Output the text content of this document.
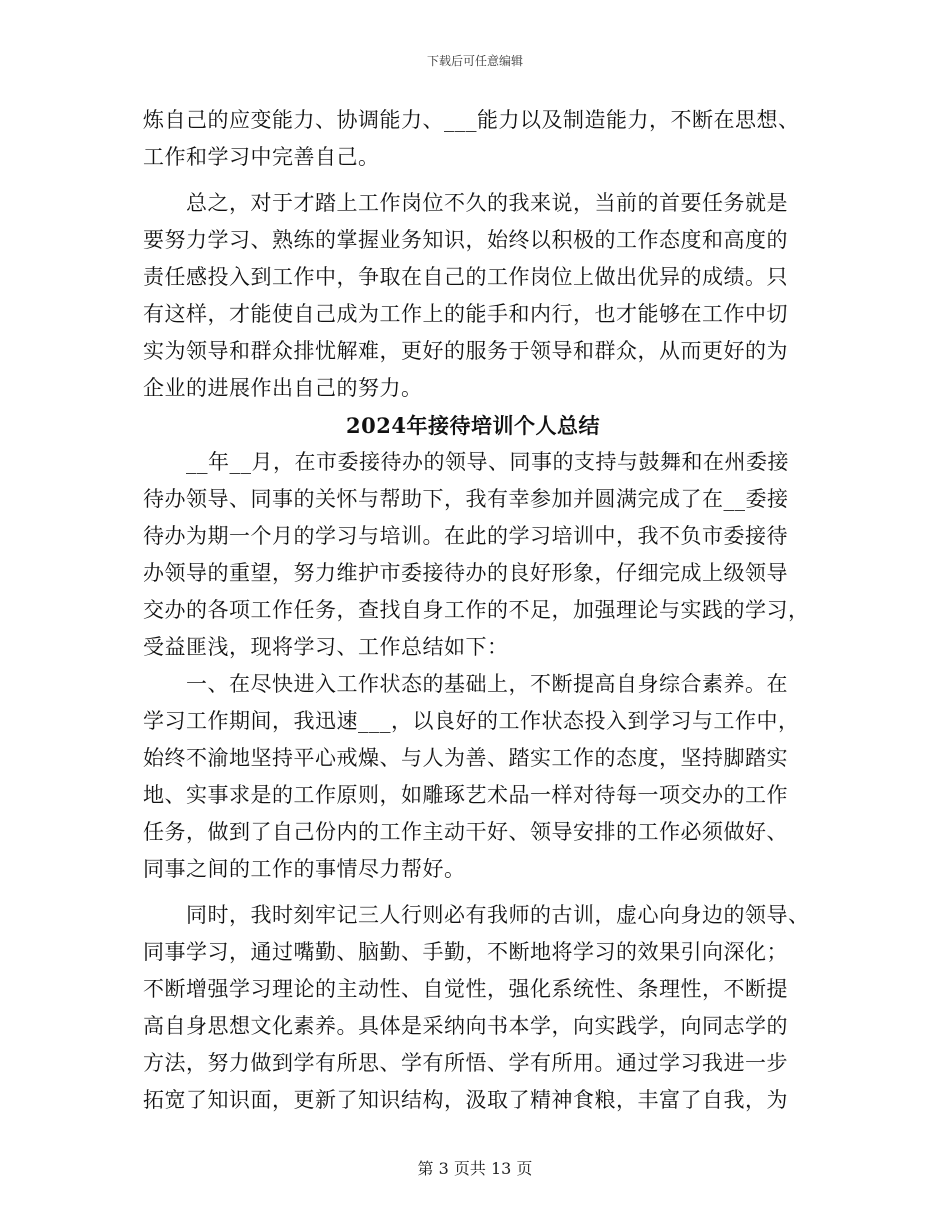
下载后可任意编辑
炼自己的应变能力、协调能力、___能力以及制造能力，不断在思想、
工作和学习中完善自己。
　　总之，对于才踏上工作岗位不久的我来说，当前的首要任务就是
要努力学习、熟练的掌握业务知识，始终以积极的工作态度和高度的
责任感投入到工作中，争取在自己的工作岗位上做出优异的成绩。只
有这样，才能使自己成为工作上的能手和内行，也才能够在工作中切
实为领导和群众排忧解难，更好的服务于领导和群众，从而更好的为
企业的进展作出自己的努力。
2024年接待培训个人总结
　　__年__月，在市委接待办的领导、同事的支持与鼓舞和在州委接
待办领导、同事的关怀与帮助下，我有幸参加并圆满完成了在__委接
待办为期一个月的学习与培训。在此的学习培训中，我不负市委接待
办领导的重望，努力维护市委接待办的良好形象，仔细完成上级领导
交办的各项工作任务，查找自身工作的不足，加强理论与实践的学习，
受益匪浅，现将学习、工作总结如下：
　　一、在尽快进入工作状态的基础上，不断提高自身综合素养。在
学习工作期间，我迅速___，以良好的工作状态投入到学习与工作中，
始终不渝地坚持平心戒燥、与人为善、踏实工作的态度，坚持脚踏实
地、实事求是的工作原则，如雕琢艺术品一样对待每一项交办的工作
任务，做到了自己份内的工作主动干好、领导安排的工作必须做好、
同事之间的工作的事情尽力帮好。
　　同时，我时刻牢记三人行则必有我师的古训，虚心向身边的领导、
同事学习，通过嘴勤、脑勤、手勤，不断地将学习的效果引向深化；
不断增强学习理论的主动性、自觉性，强化系统性、条理性，不断提
高自身思想文化素养。具体是采纳向书本学，向实践学，向同志学的
方法，努力做到学有所思、学有所悟、学有所用。通过学习我进一步
拓宽了知识面，更新了知识结构，汲取了精神食粮，丰富了自我，为
第 3 页共 13 页
